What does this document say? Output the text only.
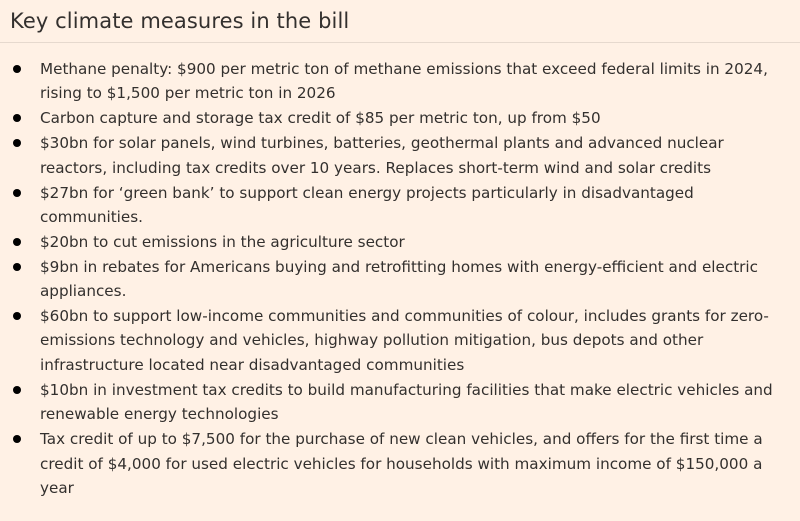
Key climate measures in the bill
Methane penalty: $900 per metric ton of methane emissions that exceed federal limits in 2024, rising to $1,500 per metric ton in 2026
Carbon capture and storage tax credit of $85 per metric ton, up from $50
$30bn for solar panels, wind turbines, batteries, geothermal plants and advanced nuclear reactors, including tax credits over 10 years. Replaces short-term wind and solar credits
$27bn for ‘green bank’ to support clean energy projects particularly in disadvantaged communities.
$20bn to cut emissions in the agriculture sector
$9bn in rebates for Americans buying and retrofitting homes with energy-efficient and electric appliances.
$60bn to support low-income communities and communities of colour, includes grants for zero-emissions technology and vehicles, highway pollution mitigation, bus depots and other infrastructure located near disadvantaged communities
$10bn in investment tax credits to build manufacturing facilities that make electric vehicles and renewable energy technologies
Tax credit of up to $7,500 for the purchase of new clean vehicles, and offers for the first time a credit of $4,000 for used electric vehicles for households with maximum income of $150,000 a year
